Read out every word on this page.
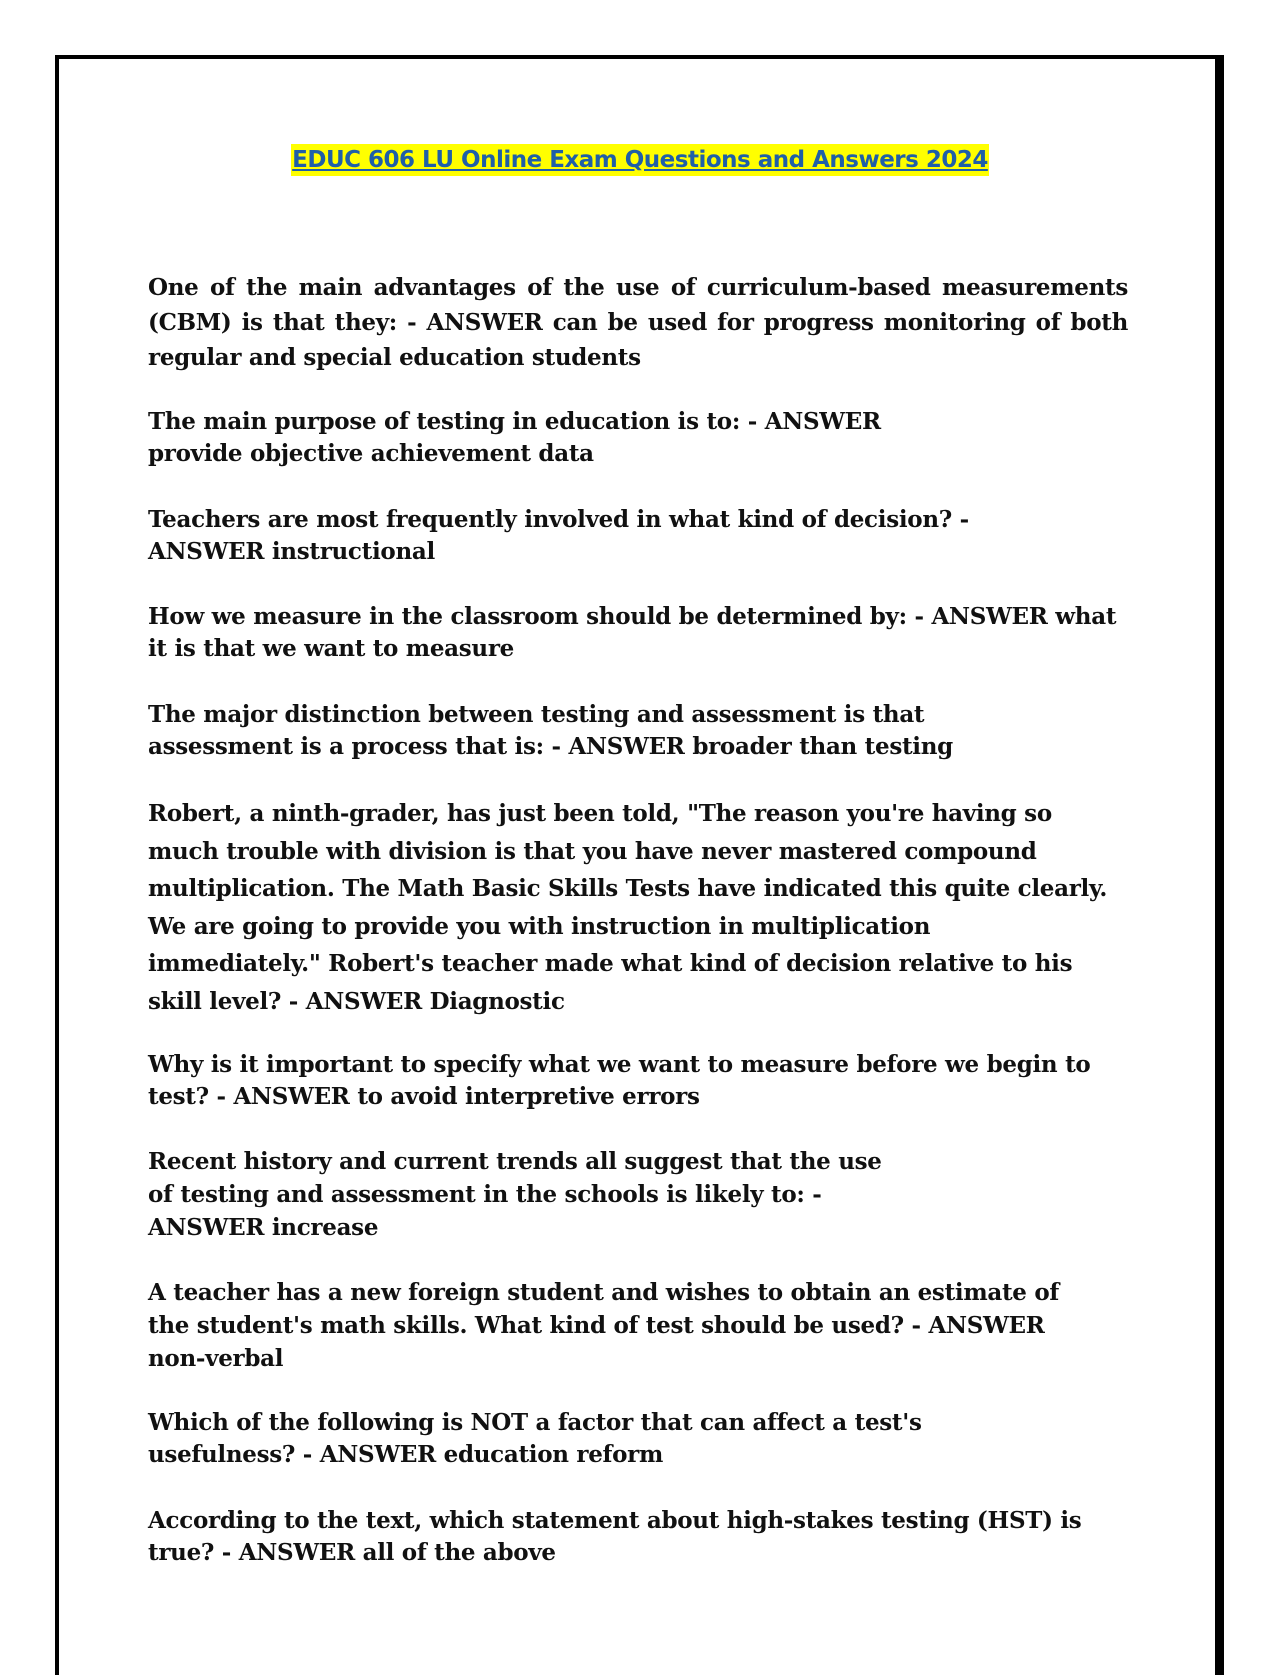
EDUC 606 LU Online Exam Questions and Answers 2024

One of the main advantages of the use of curriculum-based measurements (CBM) is that they: - ANSWER can be used for progress monitoring of both regular and special education students

The main purpose of testing in education is to: - ANSWER provide objective achievement data

Teachers are most frequently involved in what kind of decision? - ANSWER instructional

How we measure in the classroom should be determined by: - ANSWER what it is that we want to measure

The major distinction between testing and assessment is that assessment is a process that is: - ANSWER broader than testing

Robert, a ninth-grader, has just been told, "The reason you're having so much trouble with division is that you have never mastered compound multiplication. The Math Basic Skills Tests have indicated this quite clearly. We are going to provide you with instruction in multiplication immediately." Robert's teacher made what kind of decision relative to his skill level? - ANSWER Diagnostic

Why is it important to specify what we want to measure before we begin to test? - ANSWER to avoid interpretive errors

Recent history and current trends all suggest that the use of testing and assessment in the schools is likely to: - ANSWER increase

A teacher has a new foreign student and wishes to obtain an estimate of the student's math skills. What kind of test should be used? - ANSWER non-verbal

Which of the following is NOT a factor that can affect a test's usefulness? - ANSWER education reform

According to the text, which statement about high-stakes testing (HST) is true? - ANSWER all of the above
